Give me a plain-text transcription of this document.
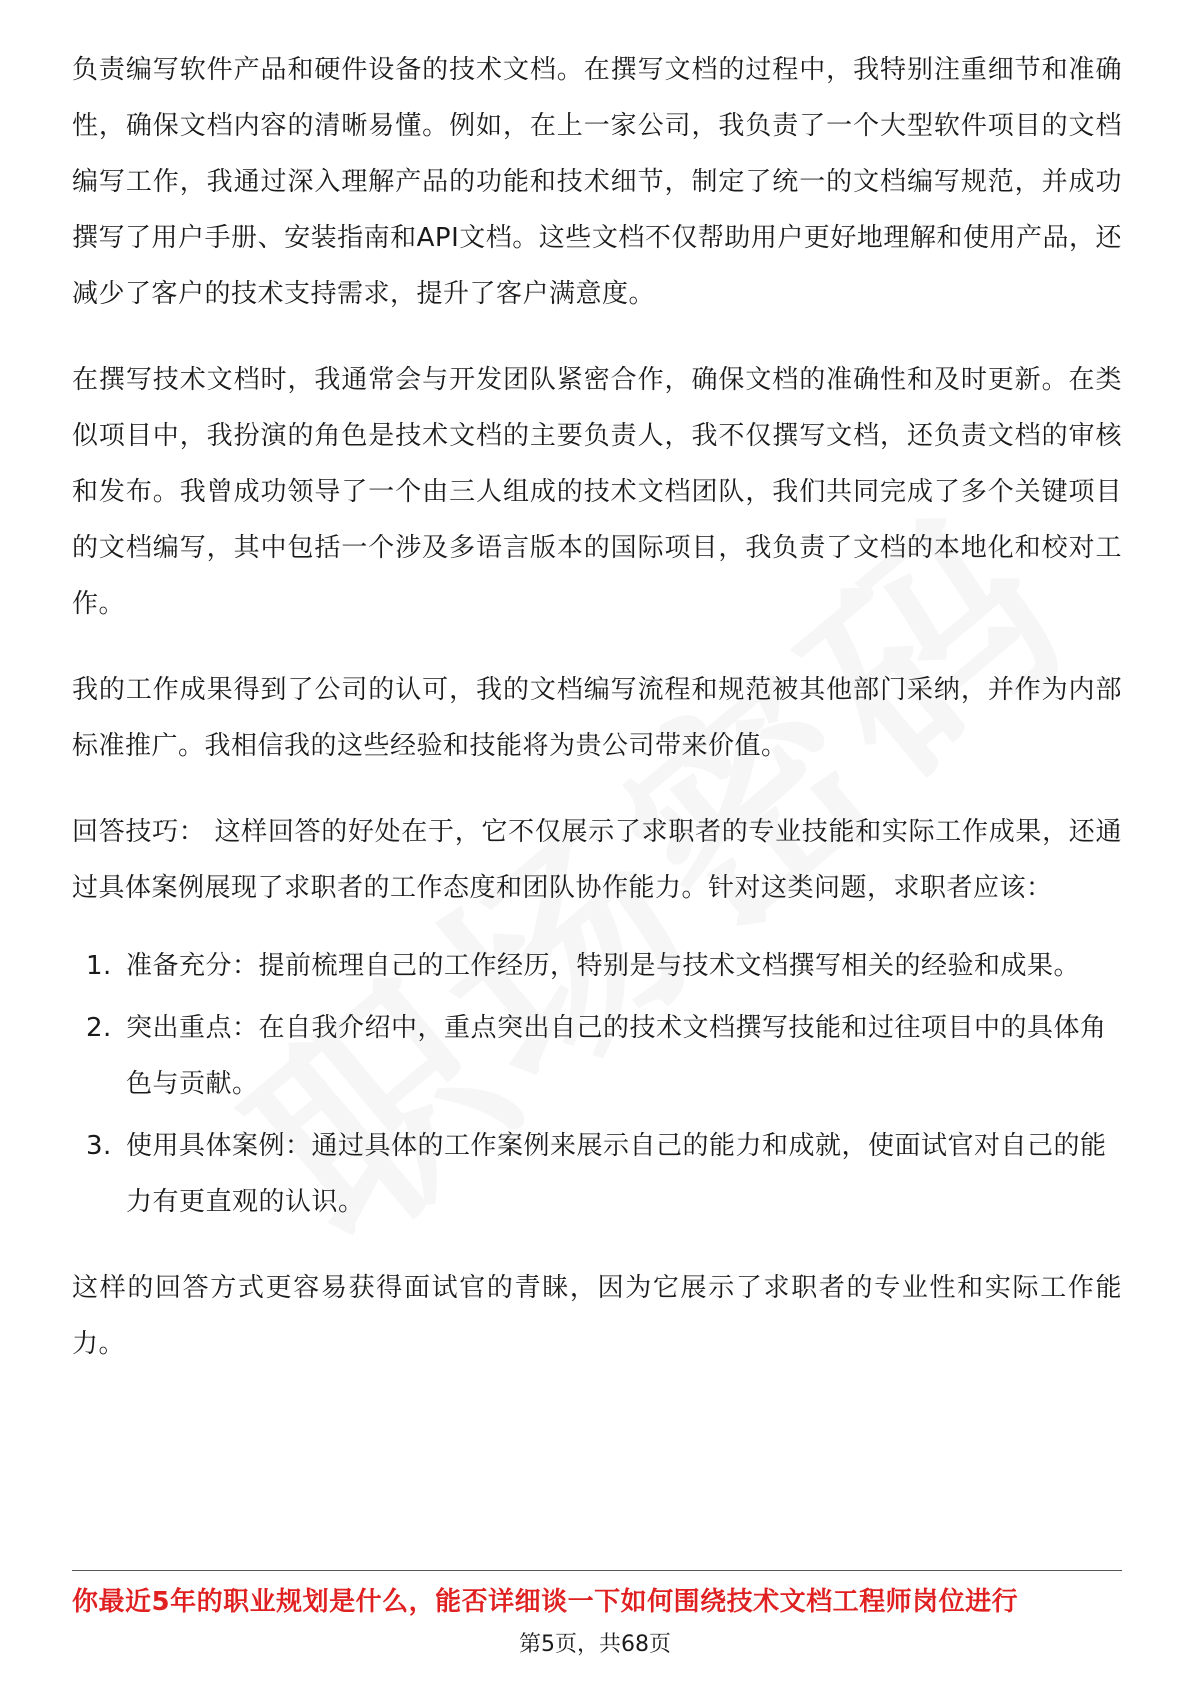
负责编写软件产品和硬件设备的技术文档。在撰写文档的过程中，我特别注重细节和准确性，确保文档内容的清晰易懂。例如，在上一家公司，我负责了一个大型软件项目的文档编写工作，我通过深入理解产品的功能和技术细节，制定了统一的文档编写规范，并成功撰写了用户手册、安装指南和API文档。这些文档不仅帮助用户更好地理解和使用产品，还减少了客户的技术支持需求，提升了客户满意度。

在撰写技术文档时，我通常会与开发团队紧密合作，确保文档的准确性和及时更新。在类似项目中，我扮演的角色是技术文档的主要负责人，我不仅撰写文档，还负责文档的审核和发布。我曾成功领导了一个由三人组成的技术文档团队，我们共同完成了多个关键项目的文档编写，其中包括一个涉及多语言版本的国际项目，我负责了文档的本地化和校对工作。

我的工作成果得到了公司的认可，我的文档编写流程和规范被其他部门采纳，并作为内部标准推广。我相信我的这些经验和技能将为贵公司带来价值。

回答技巧： 这样回答的好处在于，它不仅展示了求职者的专业技能和实际工作成果，还通过具体案例展现了求职者的工作态度和团队协作能力。针对这类问题，求职者应该：

1. 准备充分：提前梳理自己的工作经历，特别是与技术文档撰写相关的经验和成果。
2. 突出重点：在自我介绍中，重点突出自己的技术文档撰写技能和过往项目中的具体角色与贡献。
3. 使用具体案例：通过具体的工作案例来展示自己的能力和成就，使面试官对自己的能力有更直观的认识。

这样的回答方式更容易获得面试官的青睐，因为它展示了求职者的专业性和实际工作能力。

你最近5年的职业规划是什么，能否详细谈一下如何围绕技术文档工程师岗位进行
第5页，共68页
